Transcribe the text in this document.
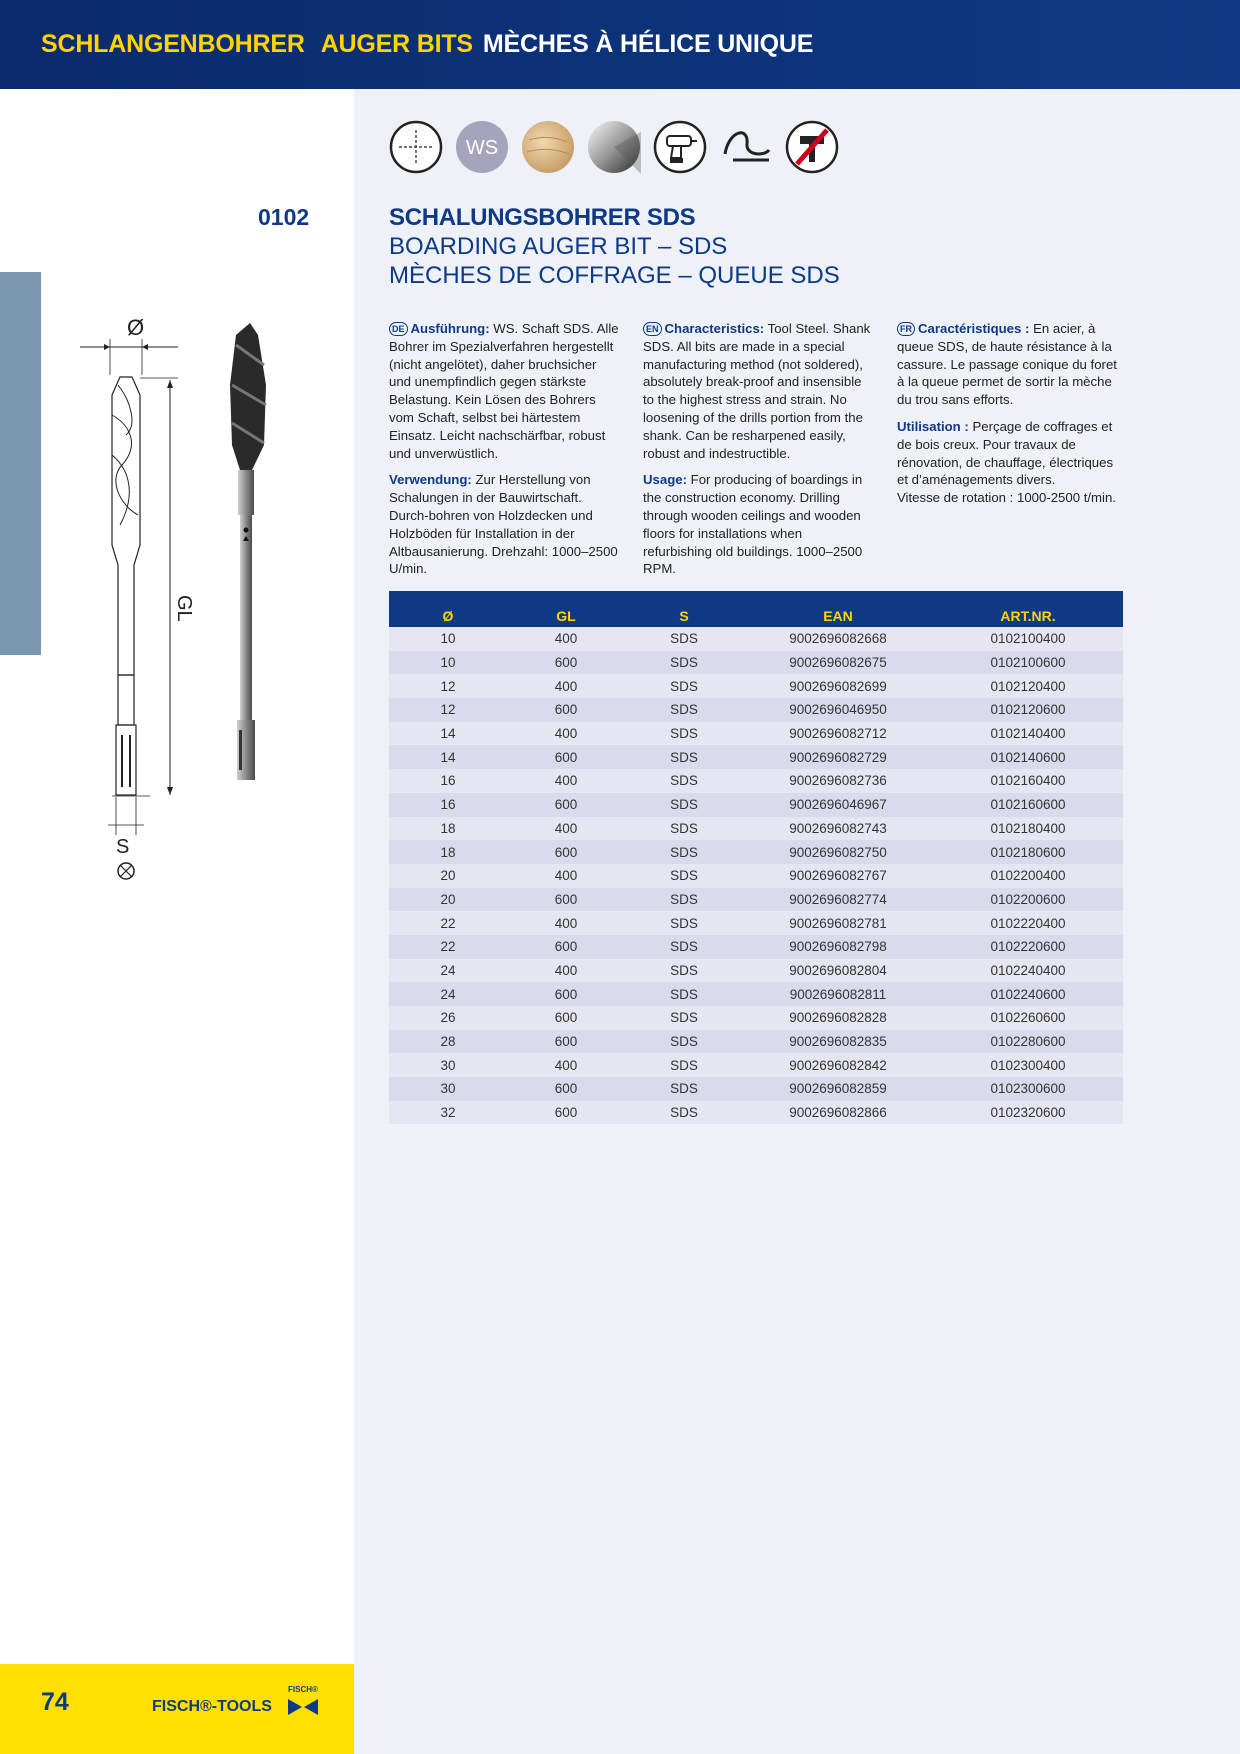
SCHLANGENBOHRER AUGER BITS MÈCHES À HÉLICE UNIQUE
WS
0102	SCHALUNGSBOHRER SDS
BOARDING AUGER BIT – SDS
MÈCHES DE COFFRAGE – QUEUE SDS
Ø
GL
S

DE Ausführung: WS. Schaft SDS. Alle Bohrer im Spezialverfahren hergestellt (nicht angelötet), daher bruchsicher und unempfindlich gegen stärkste Belastung. Kein Lösen des Bohrers vom Schaft, selbst bei härtestem Einsatz. Leicht nachschärfbar, robust und unverwüstlich.

Verwendung: Zur Herstellung von Schalungen in der Bauwirtschaft. Durch-bohren von Holzdecken und Holzböden für Installation in der Altbausanierung. Drehzahl: 1000–2500 U/min.

EN Characteristics: Tool Steel. Shank SDS. All bits are made in a special manufacturing method (not soldered), absolutely break-proof and insensible to the highest stress and strain. No loosening of the drills portion from the shank. Can be resharpened easily, robust and indestructible.

Usage: For producing of boardings in the construction economy. Drilling through wooden ceilings and wooden floors for installations when refurbishing old buildings. 1000–2500 RPM.

FR Caractéristiques : En acier, à queue SDS, de haute résistance à la cassure. Le passage conique du foret à la queue permet de sortir la mèche du trou sans efforts.

Utilisation : Perçage de coffrages et de bois creux. Pour travaux de rénovation, de chauffage, électriques et d’aménagements divers.

Vitesse de rotation : 1000-2500 t/min.

Ø	GL	S	EAN	ART.NR.
10	400	SDS	9002696082668	0102100400
10	600	SDS	9002696082675	0102100600
12	400	SDS	9002696082699	0102120400
12	600	SDS	9002696046950	0102120600
14	400	SDS	9002696082712	0102140400
14	600	SDS	9002696082729	0102140600
16	400	SDS	9002696082736	0102160400
16	600	SDS	9002696046967	0102160600
18	400	SDS	9002696082743	0102180400
18	600	SDS	9002696082750	0102180600
20	400	SDS	9002696082767	0102200400
20	600	SDS	9002696082774	0102200600
22	400	SDS	9002696082781	0102220400
22	600	SDS	9002696082798	0102220600
24	400	SDS	9002696082804	0102240400
24	600	SDS	9002696082811	0102240600
26	600	SDS	9002696082828	0102260600
28	600	SDS	9002696082835	0102280600
30	400	SDS	9002696082842	0102300400
30	600	SDS	9002696082859	0102300600
32	600	SDS	9002696082866	0102320600
74	FISCH®-TOOLS
FISCH®
